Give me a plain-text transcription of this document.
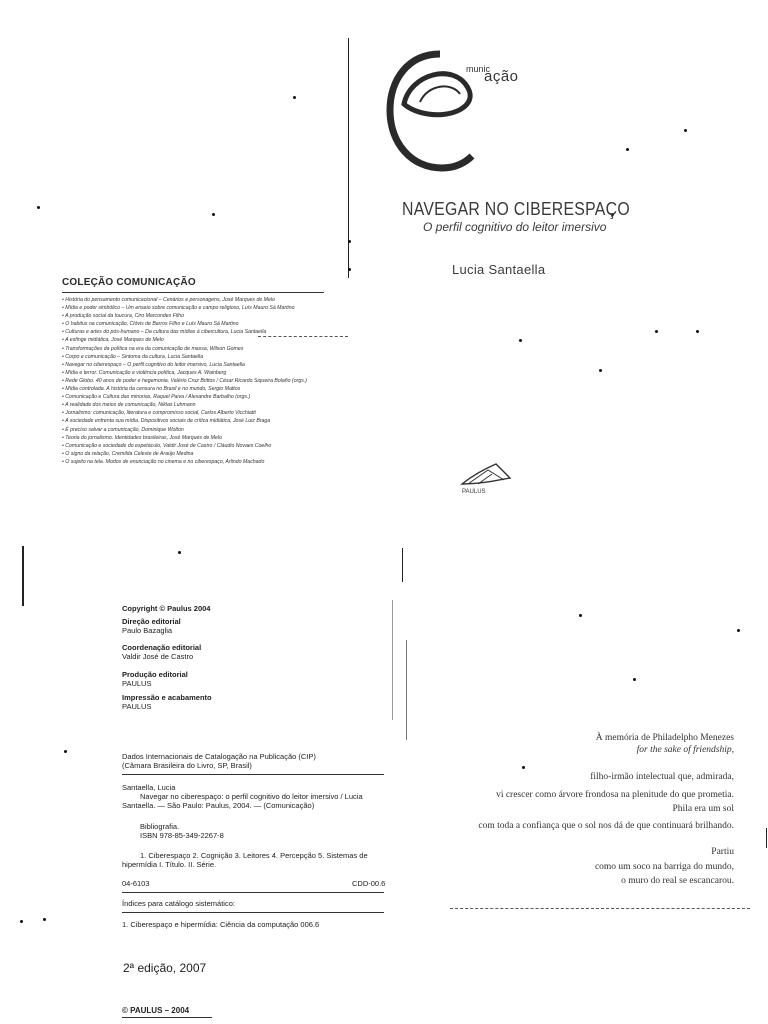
COLEÇÃO COMUNICAÇÃO
• História do pensamento comunicacional – Cenários e personagens, José Marques de Melo
• Mídia e poder simbólico – Um ensaio sobre comunicação e campo religioso, Luís Mauro Sá Martino
• A produção social da loucura, Ciro Marcondes Filho
• O habitus na comunicação, Clóvis de Barros Filho e Luís Mauro Sá Martino
• Culturas e artes do pós-humano – Da cultura das mídias à cibercultura, Lucia Santaella
• A esfinge midiática, José Marques de Melo
• Transformações da política na era da comunicação de massa, Wilson Gomes
• Corpo e comunicação – Sintoma da cultura, Lucia Santaella
• Navegar no ciberespaço – O perfil cognitivo do leitor imersivo, Lucia Santaella
• Mídia e terror. Comunicação e violência política, Jacques A. Wainberg
• Rede Globo. 40 anos de poder e hegemonia, Valério Cruz Brittos / César Ricardo Siqueira Bolaño (orgs.)
• Mídia controlada. A história da censura no Brasil e no mundo, Sergio Mattos
• Comunicação e Cultura das minorias, Raquel Paiva / Alexandre Barbalho (orgs.)
• A realidade dos meios de comunicação, Niklas Luhmann
• Jornalismo: comunicação, literatura e compromisso social, Carlos Alberto Vicchiatti
• A sociedade enfrenta sua mídia. Dispositivos sociais de crítica midiática, José Luiz Braga
• É preciso salvar a comunicação, Dominique Wolton
• Teoria do jornalismo. Identidades brasileiras, José Marques de Melo
• Comunicação e sociedade do espetáculo, Valdir José de Castro / Cláudio Novaes Coelho
• O signo da relação, Cremilda Celeste de Araújo Medina
• O sujeito na tela. Modos de enunciação no cinema e no ciberespaço, Arlindo Machado
munic
ação
NAVEGAR NO CIBERESPAÇO
O perfil cognitivo do leitor imersivo
Lucia Santaella
PAULUS
Copyright © Paulus 2004
Direção editorial
Paulo Bazaglia
Coordenação editorial
Valdir José de Castro
Produção editorial
PAULUS
Impressão e acabamento
PAULUS
Dados Internacionais de Catalogação na Publicação (CIP)
(Câmara Brasileira do Livro, SP, Brasil)
Santaella, Lucia
Navegar no ciberespaço: o perfil cognitivo do leitor imersivo / Lucia
Santaella. — São Paulo: Paulus, 2004. — (Comunicação)
Bibliografia.
ISBN 978-85-349-2267-8
1. Ciberespaço 2. Cognição 3. Leitores 4. Percepção 5. Sistemas de
hipermídia I. Título. II. Série.
04-6103	CDD-00.6
Índices para catálogo sistemático:
1. Ciberespaço e hipermídia: Ciência da computação 006.6
2ª edição, 2007
© PAULUS – 2004
À memória de Philadelpho Menezes
for the sake of friendship,
filho-irmão intelectual que, admirada,
vi crescer como árvore frondosa na plenitude do que prometia.
Phila era um sol
com toda a confiança que o sol nos dá de que continuará brilhando.
Partiu
como um soco na barriga do mundo,
o muro do real se escancarou.
